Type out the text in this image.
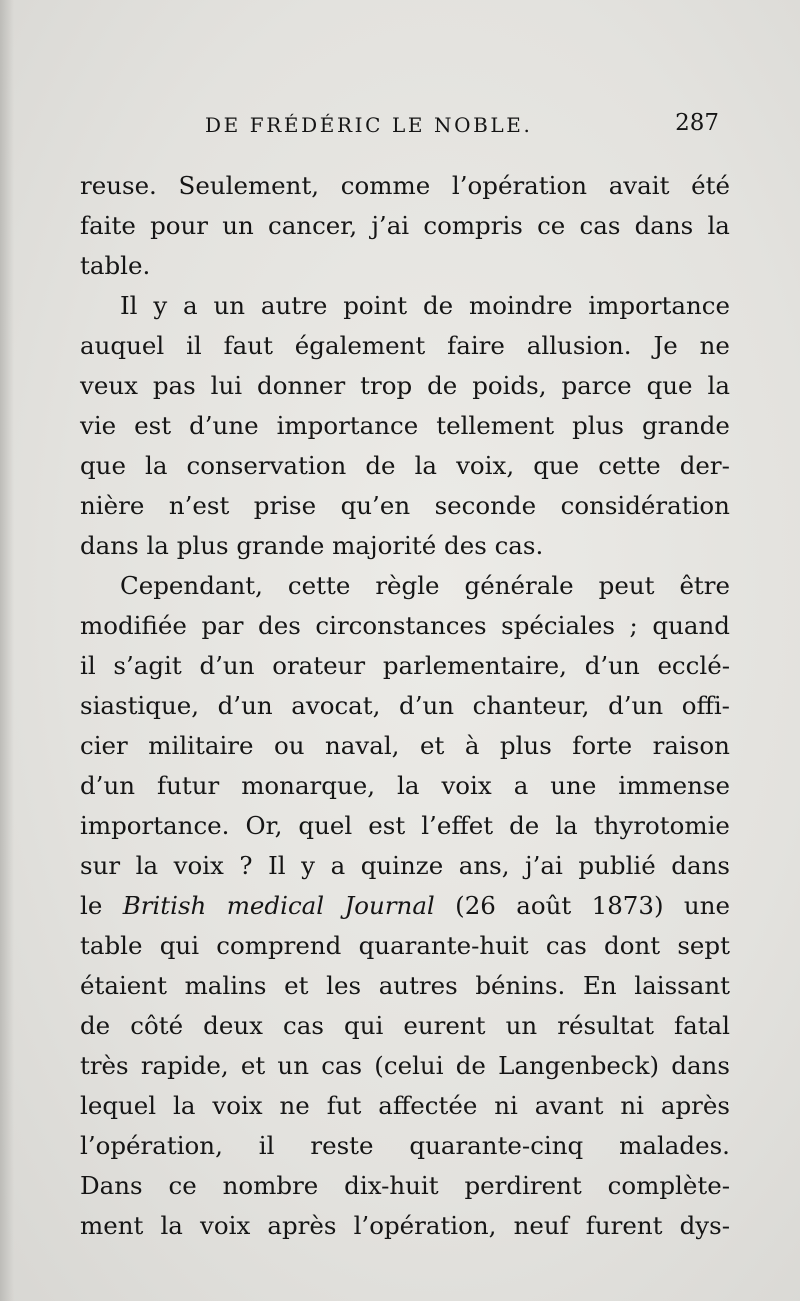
DE FRÉDÉRIC LE NOBLE.	287
reuse. Seulement, comme l’opération avait été
faite pour un cancer, j’ai compris ce cas dans la
table.
Il y a un autre point de moindre importance
auquel il faut également faire allusion. Je ne
veux pas lui donner trop de poids, parce que la
vie est d’une importance tellement plus grande
que la conservation de la voix, que cette der-
nière n’est prise qu’en seconde considération
dans la plus grande majorité des cas.
Cependant, cette règle générale peut être
modifiée par des circonstances spéciales ; quand
il s’agit d’un orateur parlementaire, d’un ecclé-
siastique, d’un avocat, d’un chanteur, d’un offi-
cier militaire ou naval, et à plus forte raison
d’un futur monarque, la voix a une immense
importance. Or, quel est l’effet de la thyrotomie
sur la voix ? Il y a quinze ans, j’ai publié dans
le British medical Journal (26 août 1873) une
table qui comprend quarante-huit cas dont sept
étaient malins et les autres bénins. En laissant
de côté deux cas qui eurent un résultat fatal
très rapide, et un cas (celui de Langenbeck) dans
lequel la voix ne fut affectée ni avant ni après
l’opération, il reste quarante-cinq malades.
Dans ce nombre dix-huit perdirent complète-
ment la voix après l’opération, neuf furent dys-
